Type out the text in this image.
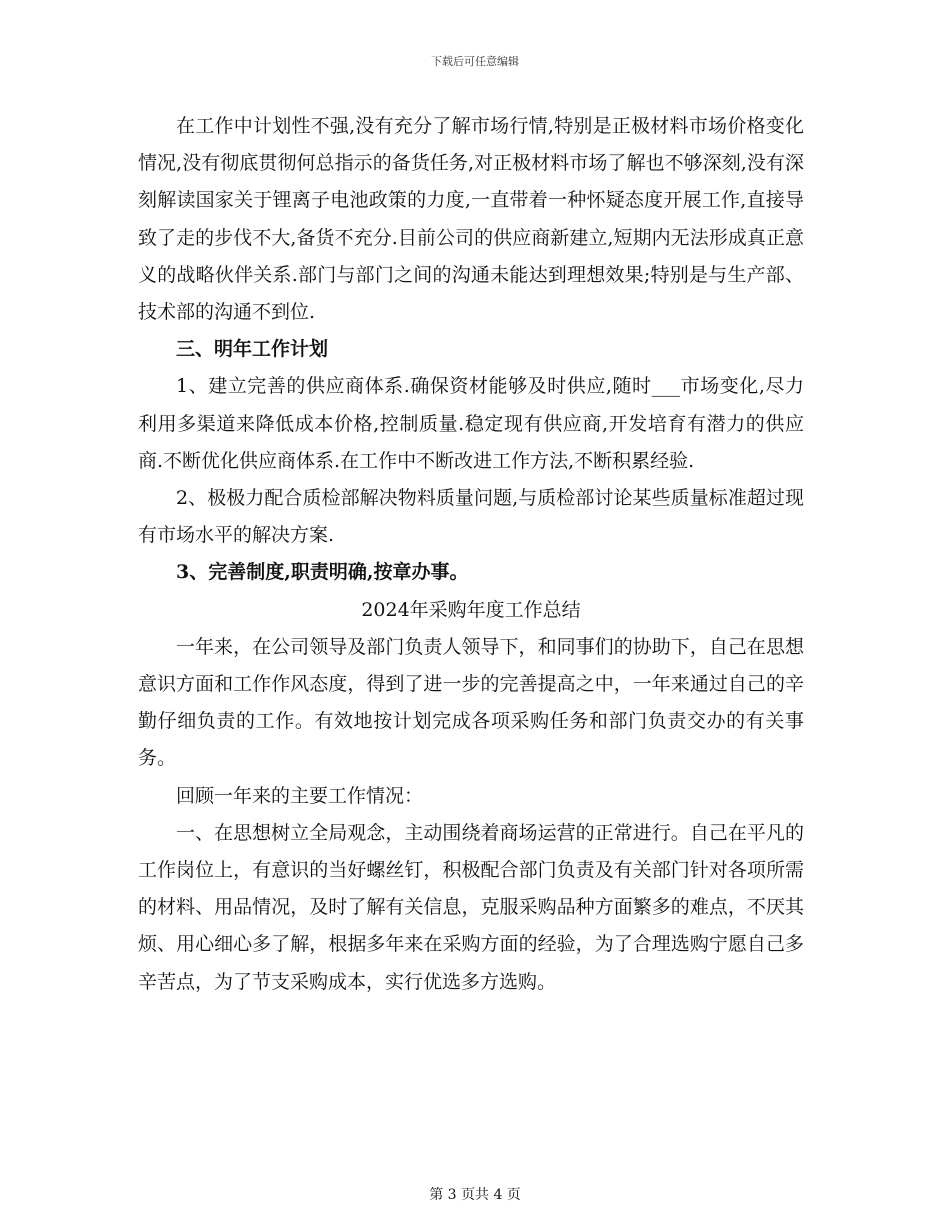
下载后可任意编辑

在工作中计划性不强,没有充分了解市场行情,特别是正极材料市场价格变化情况,没有彻底贯彻何总指示的备货任务,对正极材料市场了解也不够深刻,没有深刻解读国家关于锂离子电池政策的力度,一直带着一种怀疑态度开展工作,直接导致了走的步伐不大,备货不充分.目前公司的供应商新建立,短期内无法形成真正意义的战略伙伴关系.部门与部门之间的沟通未能达到理想效果;特别是与生产部、技术部的沟通不到位.

三、明年工作计划

1、建立完善的供应商体系.确保资材能够及时供应,随时___市场变化,尽力利用多渠道来降低成本价格,控制质量.稳定现有供应商,开发培育有潜力的供应商.不断优化供应商体系.在工作中不断改进工作方法,不断积累经验.

2、极极力配合质检部解决物料质量问题,与质检部讨论某些质量标准超过现有市场水平的解决方案.

3、完善制度,职责明确,按章办事。

2024年采购年度工作总结

一年来，在公司领导及部门负责人领导下，和同事们的协助下，自己在思想意识方面和工作作风态度，得到了进一步的完善提高之中，一年来通过自己的辛勤仔细负责的工作。有效地按计划完成各项采购任务和部门负责交办的有关事务。

回顾一年来的主要工作情况：

一、在思想树立全局观念，主动围绕着商场运营的正常进行。自己在平凡的工作岗位上，有意识的当好螺丝钉，积极配合部门负责及有关部门针对各项所需的材料、用品情况，及时了解有关信息，克服采购品种方面繁多的难点，不厌其烦、用心细心多了解，根据多年来在采购方面的经验，为了合理选购宁愿自己多辛苦点，为了节支采购成本，实行优选多方选购。

第 3 页共 4 页
